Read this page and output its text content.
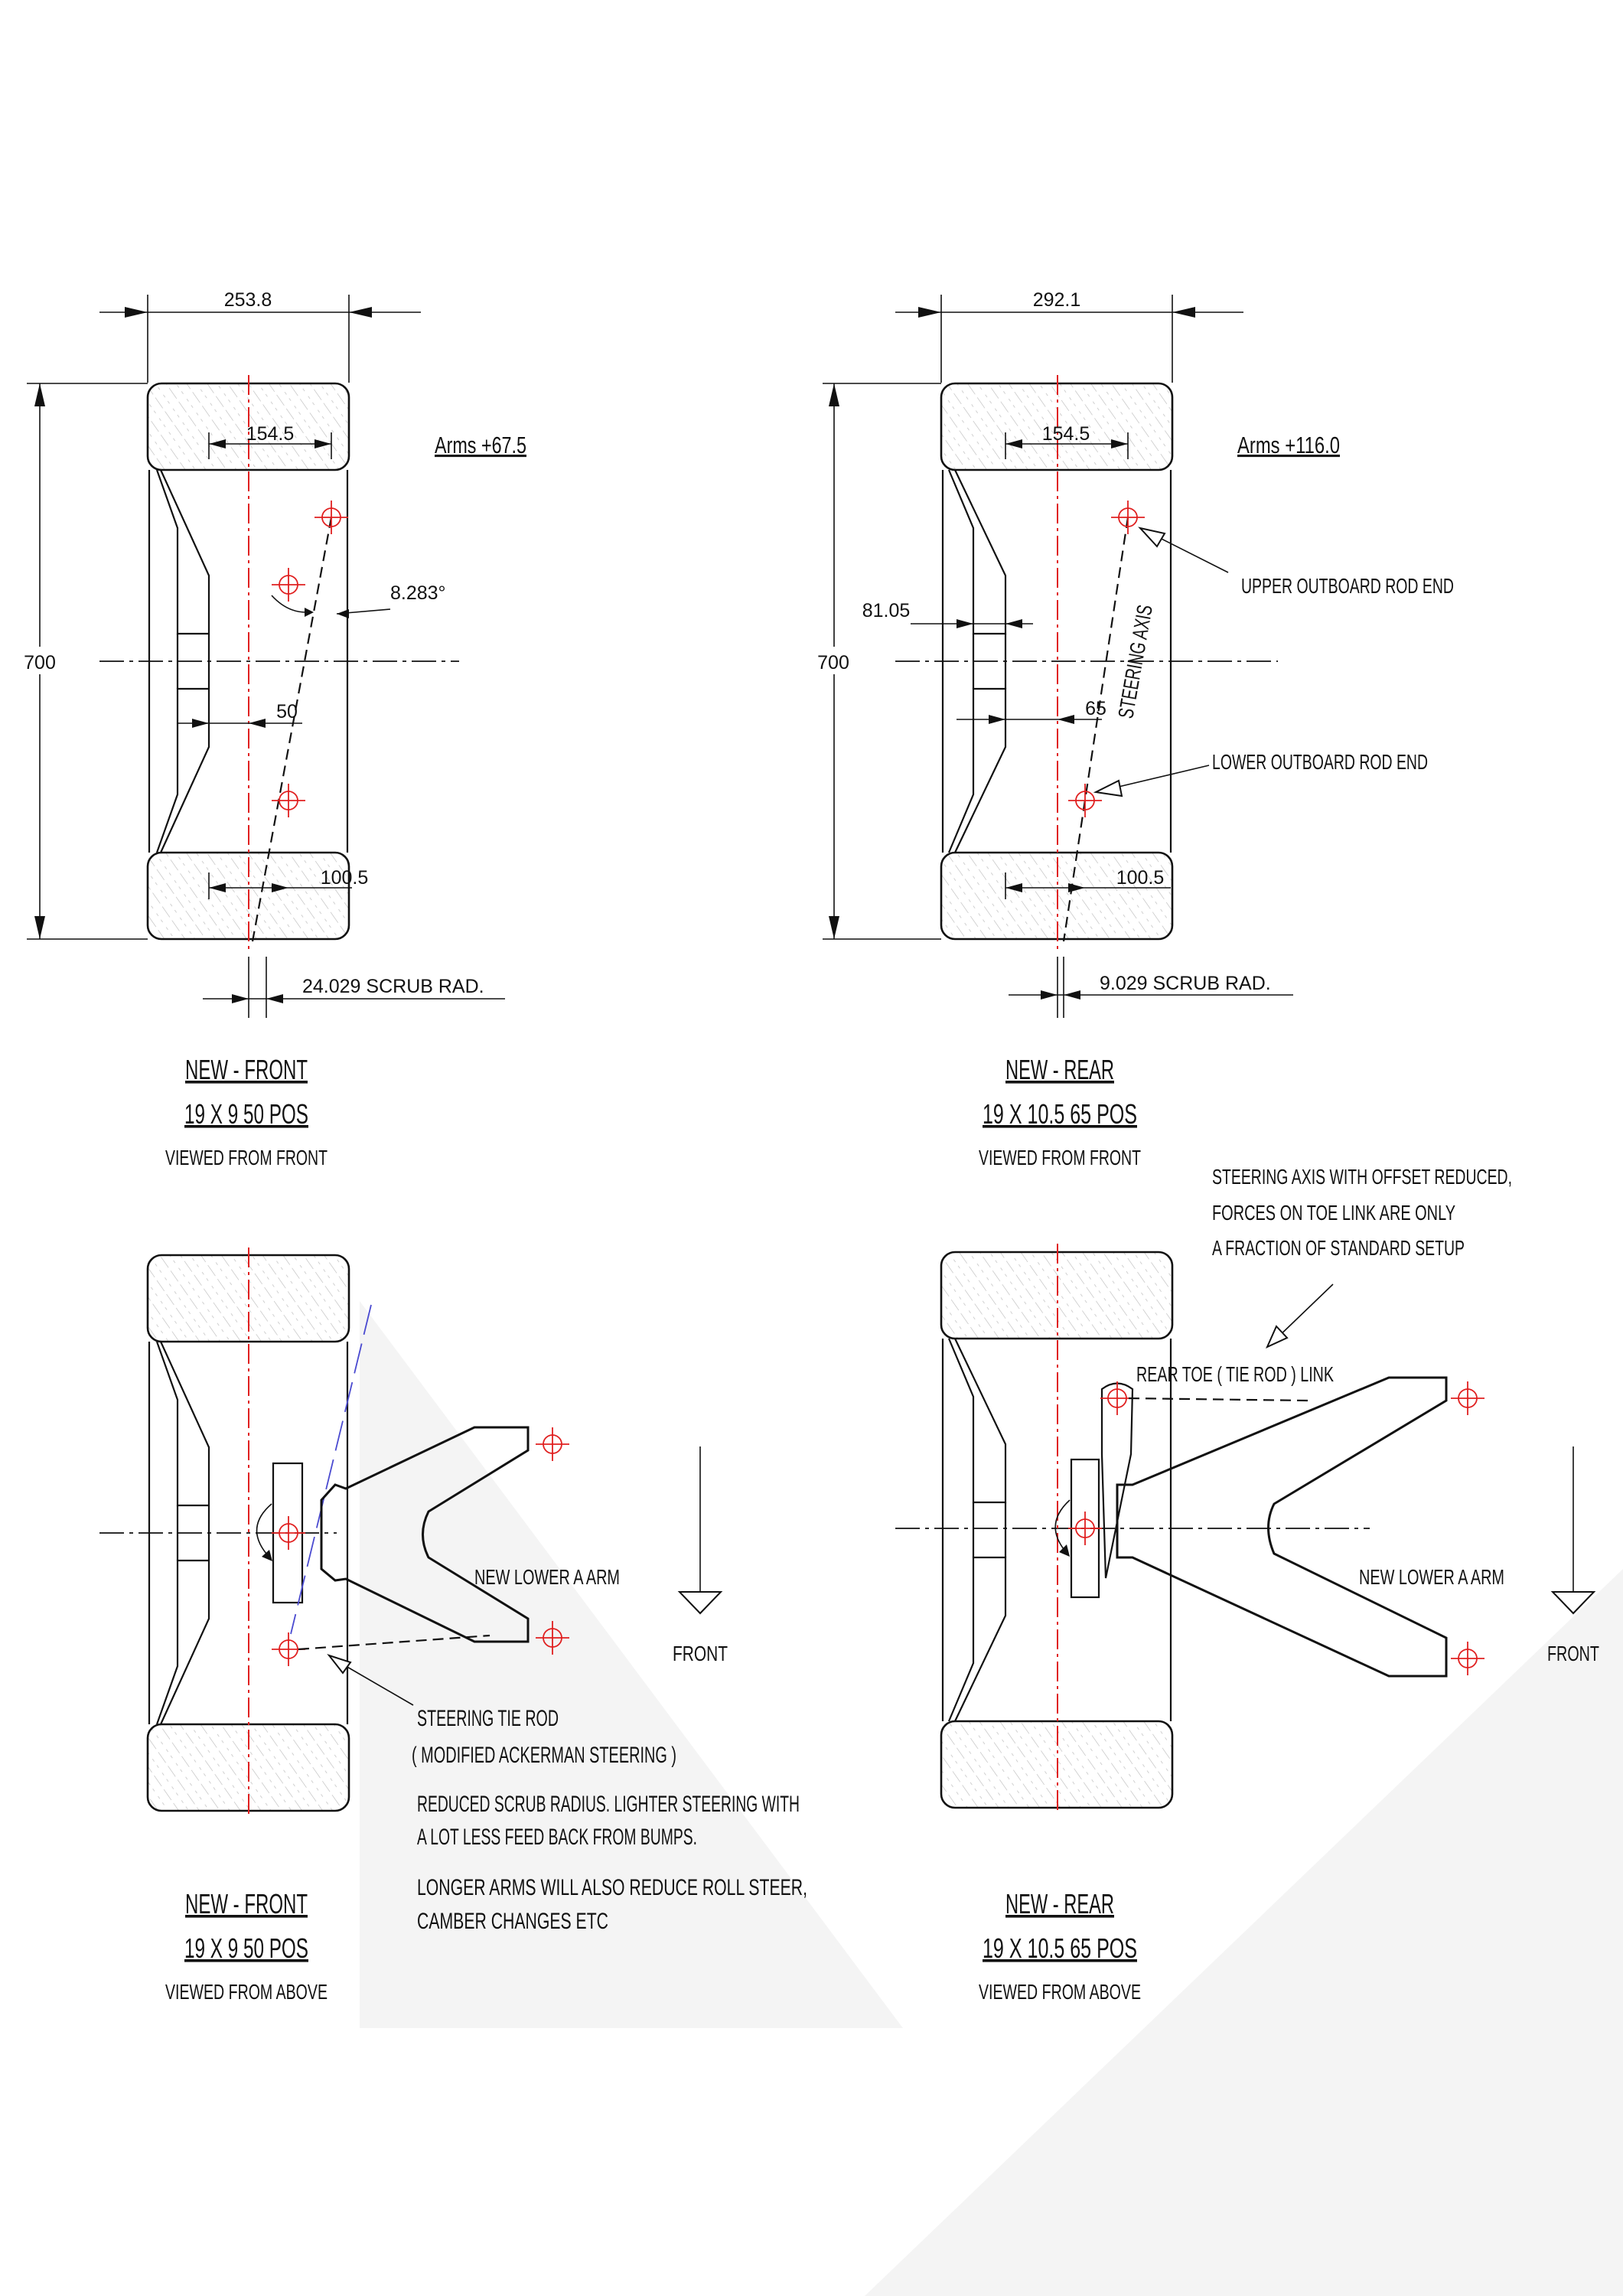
253.8
700
154.5
100.5
50
8.283°
Arms +67.5
24.029 SCRUB RAD.
NEW - FRONT
19 X 9 50 POS
VIEWED FROM FRONT
292.1
700
154.5
100.5
81.05
65 STEERING AXIS	UPPER OUTBOARD ROD END
LOWER OUTBOARD ROD END
Arms +116.0
9.029 SCRUB RAD.
NEW - REAR
19 X 10.5 65 POS
VIEWED FROM FRONT
NEW LOWER A ARM
FRONT
STEERING TIE ROD
( MODIFIED ACKERMAN STEERING )
REDUCED SCRUB RADIUS. LIGHTER STEERING WITH
A LOT LESS FEED BACK FROM BUMPS.
LONGER ARMS WILL ALSO REDUCE ROLL STEER,
CAMBER CHANGES ETC
NEW - FRONT
19 X 9 50 POS
VIEWED FROM ABOVE
REAR TOE ( TIE ROD ) LINK
NEW LOWER A ARM
FRONT
STEERING AXIS WITH OFFSET REDUCED,
FORCES ON TOE LINK ARE ONLY
A FRACTION OF STANDARD SETUP
NEW - REAR
19 X 10.5 65 POS
VIEWED FROM ABOVE
